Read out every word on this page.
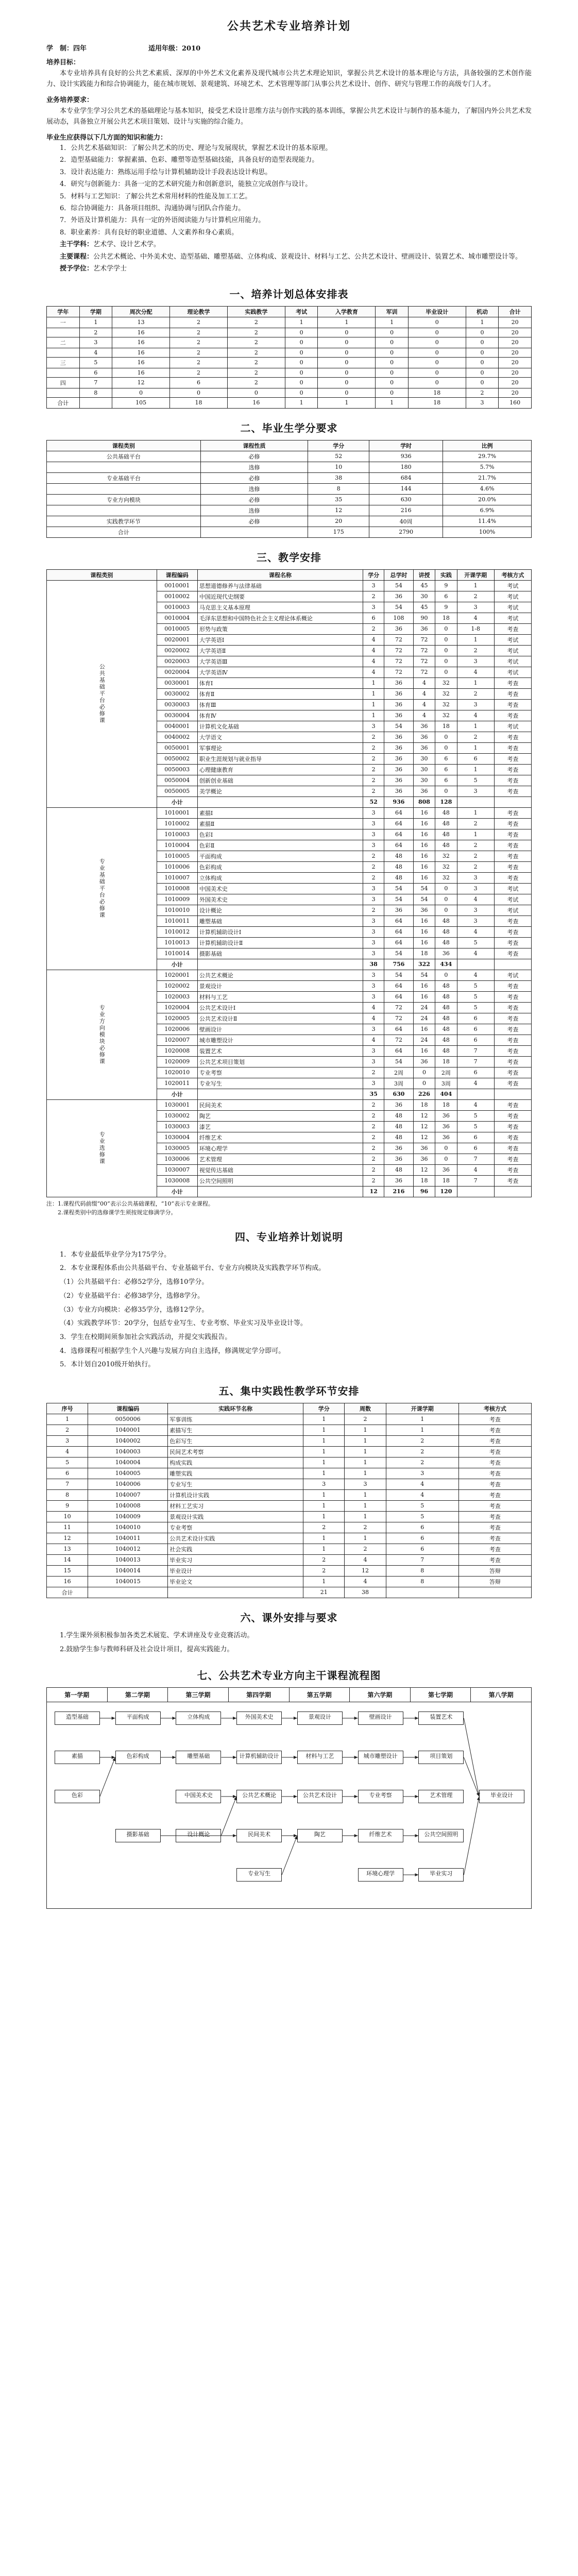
公共艺术专业培养计划
学　制：四年	适用年级：2010
培养目标：

本专业培养具有良好的公共艺术素质、深厚的中外艺术文化素养及现代城市公共艺术理论知识，掌握公共艺术设计的基本理论与方法，具备较强的艺术创作能力、设计实践能力和综合协调能力，能在城市规划、景观建筑、环境艺术、艺术管理等部门从事公共艺术设计、创作、研究与管理工作的高级专门人才。

业务培养要求：

本专业学生学习公共艺术的基础理论与基本知识，接受艺术设计思维方法与创作实践的基本训练，掌握公共艺术设计与制作的基本能力，了解国内外公共艺术发展动态，具备独立开展公共艺术项目策划、设计与实施的综合能力。

毕业生应获得以下几方面的知识和能力：

1．公共艺术基础知识：了解公共艺术的历史、理论与发展现状，掌握艺术设计的基本原理。

2．造型基础能力：掌握素描、色彩、雕塑等造型基础技能，具备良好的造型表现能力。

3．设计表达能力：熟练运用手绘与计算机辅助设计手段表达设计构思。

4．研究与创新能力：具备一定的艺术研究能力和创新意识，能独立完成创作与设计。

5．材料与工艺知识：了解公共艺术常用材料的性能及加工工艺。

6．综合协调能力：具备项目组织、沟通协调与团队合作能力。

7．外语及计算机能力：具有一定的外语阅读能力与计算机应用能力。

8．职业素养：具有良好的职业道德、人文素养和身心素质。

主干学科：艺术学、设计艺术学。

主要课程：公共艺术概论、中外美术史、造型基础、雕塑基础、立体构成、景观设计、材料与工艺、公共艺术设计、壁画设计、装置艺术、城市雕塑设计等。

授予学位：艺术学学士

一、培养计划总体安排表
学年	学期	周次分配	理论教学	实践教学	考试	入学教育	军训	毕业设计	机动	合计
一	1	13	2	2	1	1	1	0	1	20
	2	16	2	2	0	0	0	0	0	20
二	3	16	2	2	0	0	0	0	0	20
	4	16	2	2	0	0	0	0	0	20
三	5	16	2	2	0	0	0	0	0	20
	6	16	2	2	0	0	0	0	0	20
四	7	12	6	2	0	0	0	0	0	20
	8	0	0	0	0	0	0	18	2	20
合计		105	18	16	1	1	1	18	3	160
二、毕业生学分要求
课程类别	课程性质	学分	学时	比例
公共基础平台	必修	52	936	29.7%
	选修	10	180	5.7%
专业基础平台	必修	38	684	21.7%
	选修	8	144	4.6%
专业方向模块	必修	35	630	20.0%
	选修	12	216	6.9%
实践教学环节	必修	20	40周	11.4%
合计		175	2790	100%
三、教学安排
课程类别	课程编码	课程名称	学分	总学时	讲授	实践	开课学期	考核方式
公共基础平台必修课	0010001	思想道德修养与法律基础	3	54	45	9	1	考试
	0010002	中国近现代史纲要	2	36	30	6	2	考试
	0010003	马克思主义基本原理	3	54	45	9	3	考试
	0010004	毛泽东思想和中国特色社会主义理论体系概论	6	108	90	18	4	考试
	0010005	形势与政策	2	36	36	0	1-8	考查
	0020001	大学英语Ⅰ	4	72	72	0	1	考试
	0020002	大学英语Ⅱ	4	72	72	0	2	考试
	0020003	大学英语Ⅲ	4	72	72	0	3	考试
	0020004	大学英语Ⅳ	4	72	72	0	4	考试
	0030001	体育Ⅰ	1	36	4	32	1	考查
	0030002	体育Ⅱ	1	36	4	32	2	考查
	0030003	体育Ⅲ	1	36	4	32	3	考查
	0030004	体育Ⅳ	1	36	4	32	4	考查
	0040001	计算机文化基础	3	54	36	18	1	考试
	0040002	大学语文	2	36	36	0	2	考查
	0050001	军事理论	2	36	36	0	1	考查
	0050002	职业生涯规划与就业指导	2	36	30	6	6	考查
	0050003	心理健康教育	2	36	30	6	1	考查
	0050004	创新创业基础	2	36	30	6	5	考查
	0050005	美学概论	2	36	36	0	3	考查
	小计		52	936	808	128		
专业基础平台必修课	1010001	素描Ⅰ	3	64	16	48	1	考查
	1010002	素描Ⅱ	3	64	16	48	2	考查
	1010003	色彩Ⅰ	3	64	16	48	1	考查
	1010004	色彩Ⅱ	3	64	16	48	2	考查
	1010005	平面构成	2	48	16	32	2	考查
	1010006	色彩构成	2	48	16	32	2	考查
	1010007	立体构成	2	48	16	32	3	考查
	1010008	中国美术史	3	54	54	0	3	考试
	1010009	外国美术史	3	54	54	0	4	考试
	1010010	设计概论	2	36	36	0	3	考试
	1010011	雕塑基础	3	64	16	48	3	考查
	1010012	计算机辅助设计Ⅰ	3	64	16	48	4	考查
	1010013	计算机辅助设计Ⅱ	3	64	16	48	5	考查
	1010014	摄影基础	3	54	18	36	4	考查
	小计		38	756	322	434		
专业方向模块必修课	1020001	公共艺术概论	3	54	54	0	4	考试
	1020002	景观设计	3	64	16	48	5	考查
	1020003	材料与工艺	3	64	16	48	5	考查
	1020004	公共艺术设计Ⅰ	4	72	24	48	5	考查
	1020005	公共艺术设计Ⅱ	4	72	24	48	6	考查
	1020006	壁画设计	3	64	16	48	6	考查
	1020007	城市雕塑设计	4	72	24	48	6	考查
	1020008	装置艺术	3	64	16	48	7	考查
	1020009	公共艺术项目策划	3	54	36	18	7	考查
	1020010	专业考察	2	2周	0	2周	6	考查
	1020011	专业写生	3	3周	0	3周	4	考查
	小计		35	630	226	404		
专业选修课	1030001	民间美术	2	36	18	18	4	考查
	1030002	陶艺	2	48	12	36	5	考查
	1030003	漆艺	2	48	12	36	5	考查
	1030004	纤维艺术	2	48	12	36	6	考查
	1030005	环境心理学	2	36	36	0	6	考查
	1030006	艺术管理	2	36	36	0	7	考查
	1030007	视觉传达基础	2	48	12	36	4	考查
	1030008	公共空间照明	2	36	18	18	7	考查
	小计		12	216	96	120		
注：1.课程代码前缀“00”表示公共基础课程，“10”表示专业课程。
　　2.课程类别中的选修课学生须按规定修满学分。
四、专业培养计划说明

1．本专业最低毕业学分为175学分。

2．本专业课程体系由公共基础平台、专业基础平台、专业方向模块及实践教学环节构成。

（1）公共基础平台：必修52学分，选修10学分。

（2）专业基础平台：必修38学分，选修8学分。

（3）专业方向模块：必修35学分，选修12学分。

（4）实践教学环节：20学分，包括专业写生、专业考察、毕业实习及毕业设计等。

3．学生在校期间须参加社会实践活动，并提交实践报告。

4．选修课程可根据学生个人兴趣与发展方向自主选择，修满规定学分即可。

5．本计划自2010级开始执行。

五、集中实践性教学环节安排
序号	课程编码	实践环节名称	学分	周数	开课学期	考核方式
1	0050006	军事训练	1	2	1	考查
2	1040001	素描写生	1	1	1	考查
3	1040002	色彩写生	1	1	2	考查
4	1040003	民间艺术考察	1	1	2	考查
5	1040004	构成实践	1	1	2	考查
6	1040005	雕塑实践	1	1	3	考查
7	1040006	专业写生	3	3	4	考查
8	1040007	计算机设计实践	1	1	4	考查
9	1040008	材料工艺实习	1	1	5	考查
10	1040009	景观设计实践	1	1	5	考查
11	1040010	专业考察	2	2	6	考查
12	1040011	公共艺术设计实践	1	1	6	考查
13	1040012	社会实践	1	2	6	考查
14	1040013	毕业实习	2	4	7	考查
15	1040014	毕业设计	2	12	8	答辩
16	1040015	毕业论文	1	4	8	答辩
合计			21	38		
六、课外安排与要求

1.学生课外须积极参加各类艺术展览、学术讲座及专业竞赛活动。

2.鼓励学生参与教师科研及社会设计项目，提高实践能力。

七、公共艺术专业方向主干课程流程图
第一学期	第二学期	第三学期	第四学期	第五学期	第六学期	第七学期	第八学期
造型基础
素描
色彩
平面构成
色彩构成
摄影基础
立体构成
雕塑基础
中国美术史
设计概论
外国美术史
计算机辅助设计
公共艺术概论
民间美术
专业写生
景观设计
材料与工艺
公共艺术设计
陶艺
壁画设计
城市雕塑设计
专业考察
纤维艺术
环境心理学
装置艺术
项目策划
艺术管理
公共空间照明
毕业实习
毕业设计
